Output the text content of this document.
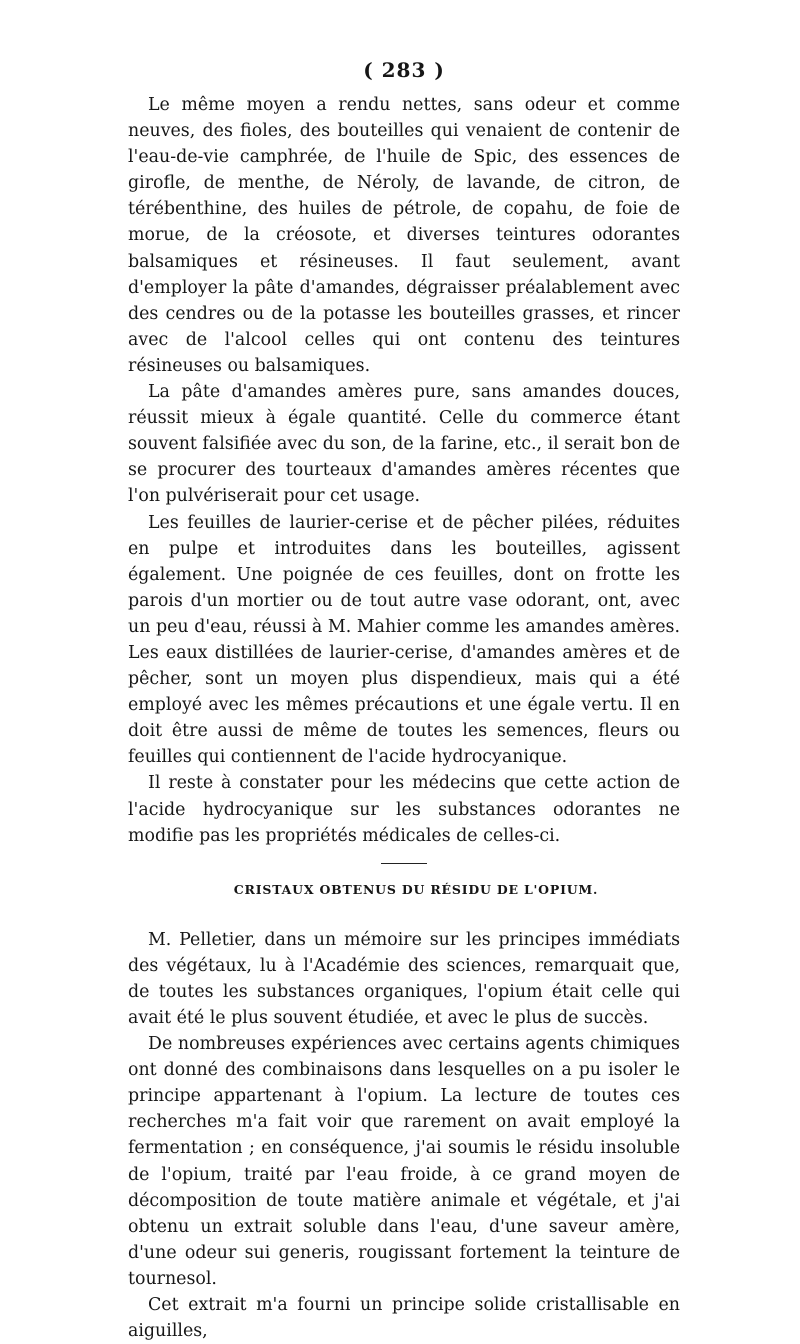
( 283 )

Le même moyen a rendu nettes, sans odeur et comme neuves, des fioles, des bouteilles qui venaient de contenir de l'eau-de-vie camphrée, de l'huile de Spic, des essences de girofle, de menthe, de Néroly, de lavande, de citron, de térébenthine, des huiles de pétrole, de copahu, de foie de morue, de la créosote, et diverses teintures odorantes balsamiques et résineuses. Il faut seulement, avant d'employer la pâte d'amandes, dégraisser préalablement avec des cendres ou de la potasse les bouteilles grasses, et rincer avec de l'alcool celles qui ont contenu des teintures résineuses ou balsamiques.

La pâte d'amandes amères pure, sans amandes douces, réussit mieux à égale quantité. Celle du commerce étant souvent falsifiée avec du son, de la farine, etc., il serait bon de se procurer des tourteaux d'amandes amères récentes que l'on pulvériserait pour cet usage.

Les feuilles de laurier-cerise et de pêcher pilées, réduites en pulpe et introduites dans les bouteilles, agissent également. Une poignée de ces feuilles, dont on frotte les parois d'un mortier ou de tout autre vase odorant, ont, avec un peu d'eau, réussi à M. Mahier comme les amandes amères. Les eaux distillées de laurier-cerise, d'amandes amères et de pêcher, sont un moyen plus dispendieux, mais qui a été employé avec les mêmes précautions et une égale vertu. Il en doit être aussi de même de toutes les semences, fleurs ou feuilles qui contiennent de l'acide hydrocyanique.

Il reste à constater pour les médecins que cette action de l'acide hydrocyanique sur les substances odorantes ne modifie pas les propriétés médicales de celles-ci.

CRISTAUX OBTENUS DU RÉSIDU DE L'OPIUM.

M. Pelletier, dans un mémoire sur les principes immédiats des végétaux, lu à l'Académie des sciences, remarquait que, de toutes les substances organiques, l'opium était celle qui avait été le plus souvent étudiée, et avec le plus de succès.

De nombreuses expériences avec certains agents chimiques ont donné des combinaisons dans lesquelles on a pu isoler le principe appartenant à l'opium. La lecture de toutes ces recherches m'a fait voir que rarement on avait employé la fermentation ; en conséquence, j'ai soumis le résidu insoluble de l'opium, traité par l'eau froide, à ce grand moyen de décomposition de toute matière animale et végétale, et j'ai obtenu un extrait soluble dans l'eau, d'une saveur amère, d'une odeur sui generis, rougissant fortement la teinture de tournesol.

Cet extrait m'a fourni un principe solide cristallisable en aiguilles,
